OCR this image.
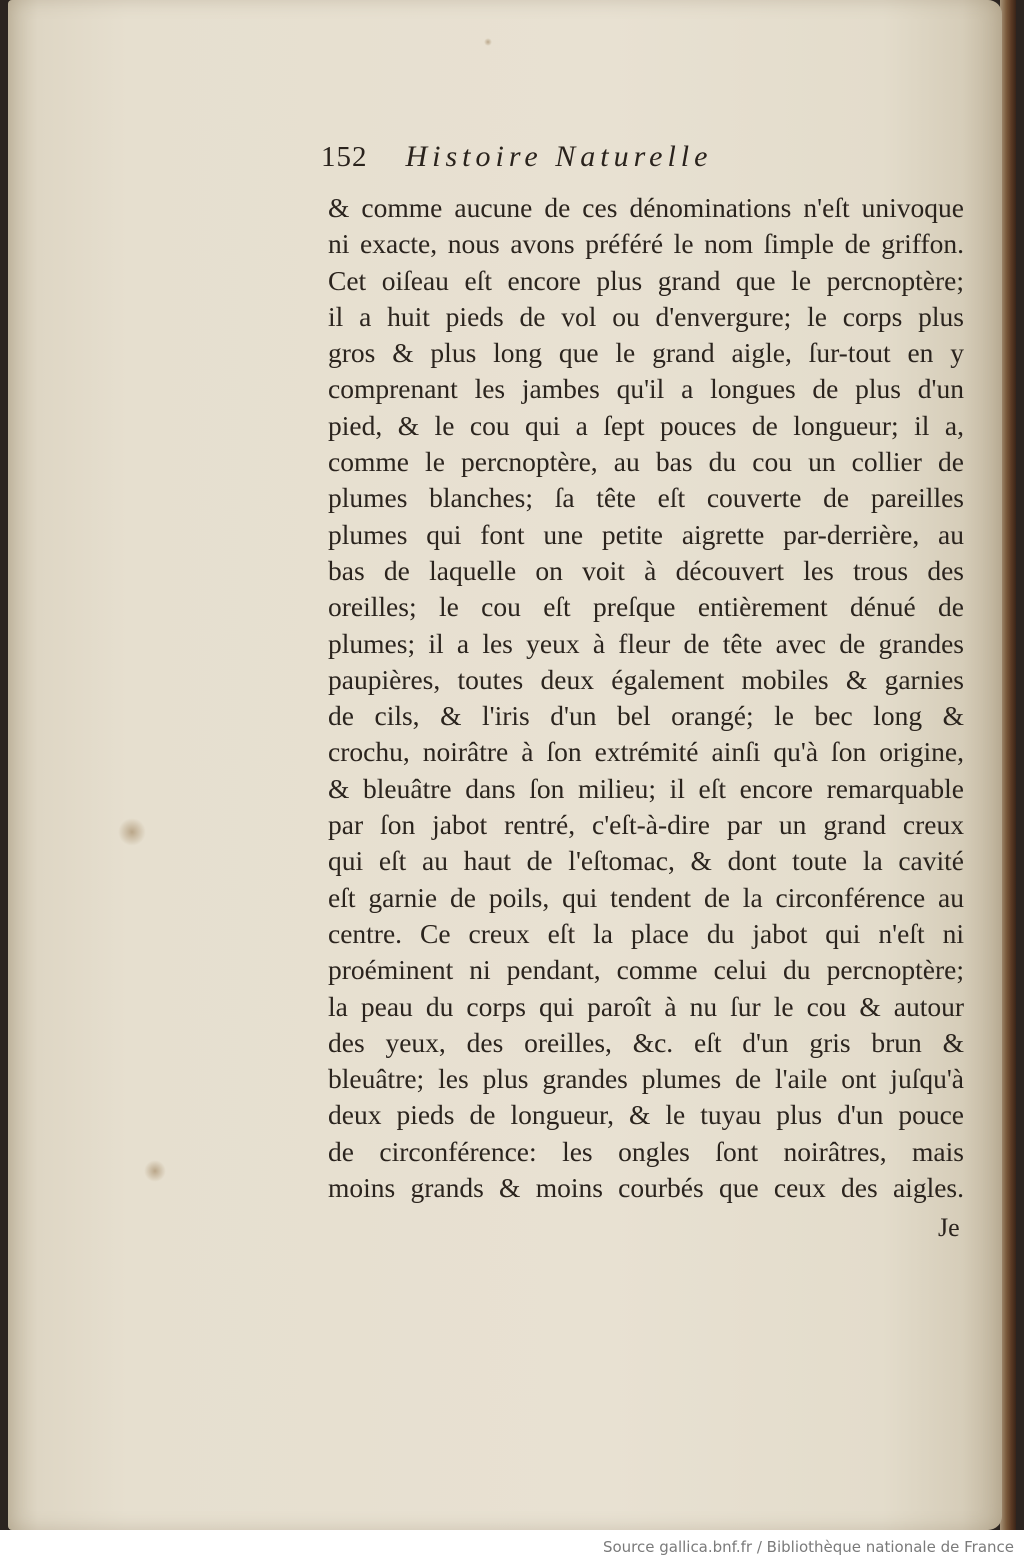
152 Histoire Naturelle
& comme aucune de ces dénominations n'eſt univoque
ni exacte, nous avons préféré le nom ſimple de griffon.
Cet oiſeau eſt encore plus grand que le percnoptère;
il a huit pieds de vol ou d'envergure; le corps plus
gros & plus long que le grand aigle, ſur-tout en y
comprenant les jambes qu'il a longues de plus d'un
pied, & le cou qui a ſept pouces de longueur; il a,
comme le percnoptère, au bas du cou un collier de
plumes blanches; ſa tête eſt couverte de pareilles
plumes qui font une petite aigrette par-derrière, au
bas de laquelle on voit à découvert les trous des
oreilles; le cou eſt preſque entièrement dénué de
plumes; il a les yeux à fleur de tête avec de grandes
paupières, toutes deux également mobiles & garnies
de cils, & l'iris d'un bel orangé; le bec long &
crochu, noirâtre à ſon extrémité ainſi qu'à ſon origine,
& bleuâtre dans ſon milieu; il eſt encore remarquable
par ſon jabot rentré, c'eſt-à-dire par un grand creux
qui eſt au haut de l'eſtomac, & dont toute la cavité
eſt garnie de poils, qui tendent de la circonférence au
centre. Ce creux eſt la place du jabot qui n'eſt ni
proéminent ni pendant, comme celui du percnoptère;
la peau du corps qui paroît à nu ſur le cou & autour
des yeux, des oreilles, &c. eſt d'un gris brun &
bleuâtre; les plus grandes plumes de l'aile ont juſqu'à
deux pieds de longueur, & le tuyau plus d'un pouce
de circonférence: les ongles ſont noirâtres, mais
moins grands & moins courbés que ceux des aigles.
Je
Source gallica.bnf.fr / Bibliothèque nationale de France
